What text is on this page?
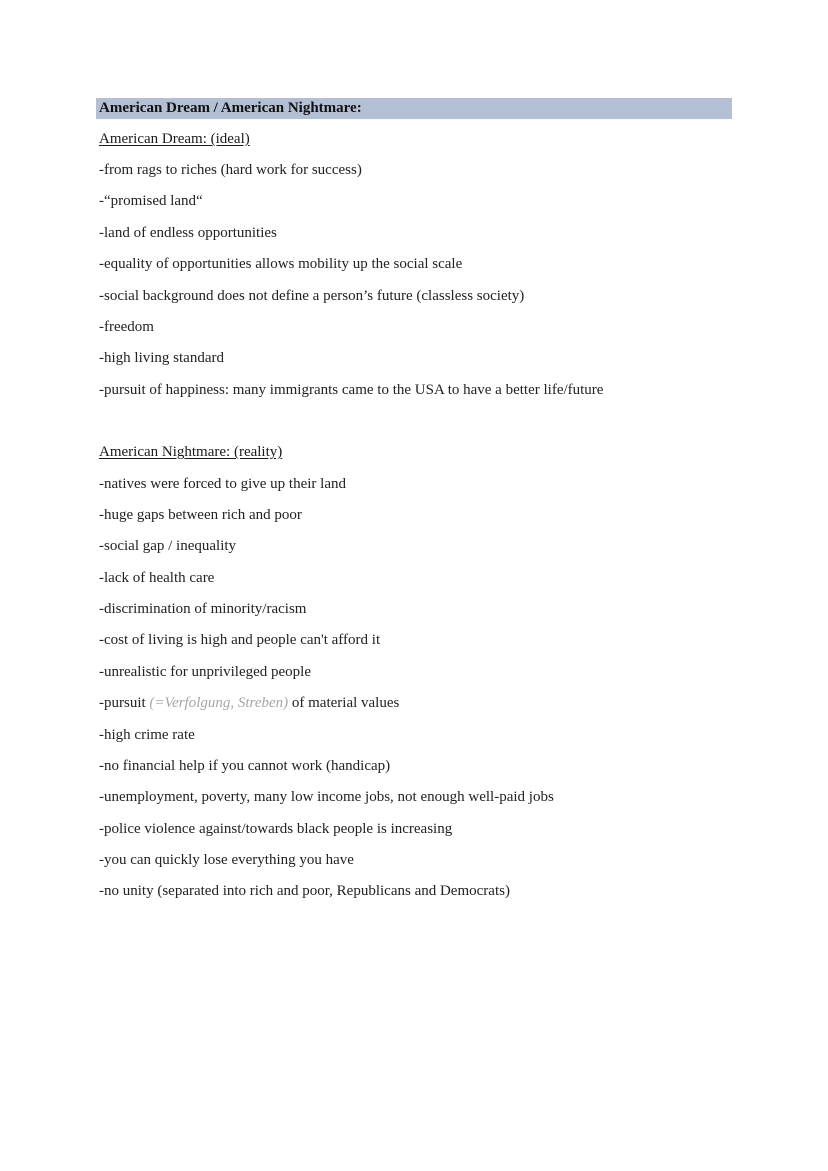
American Dream / American Nightmare:
American Dream: (ideal)
-from rags to riches (hard work for success)
-“promised land“
-land of endless opportunities
-equality of opportunities allows mobility up the social scale
-social background does not define a person’s future (classless society)
-freedom
-high living standard
-pursuit of happiness: many immigrants came to the USA to have a better life/future
American Nightmare: (reality)
-natives were forced to give up their land
-huge gaps between rich and poor
-social gap / inequality
-lack of health care
-discrimination of minority/racism
-cost of living is high and people can't afford it
-unrealistic for unprivileged people
-pursuit (=Verfolgung, Streben) of material values
-high crime rate
-no financial help if you cannot work (handicap)
-unemployment, poverty, many low income jobs, not enough well-paid jobs
-police violence against/towards black people is increasing
-you can quickly lose everything you have
-no unity (separated into rich and poor, Republicans and Democrats)
